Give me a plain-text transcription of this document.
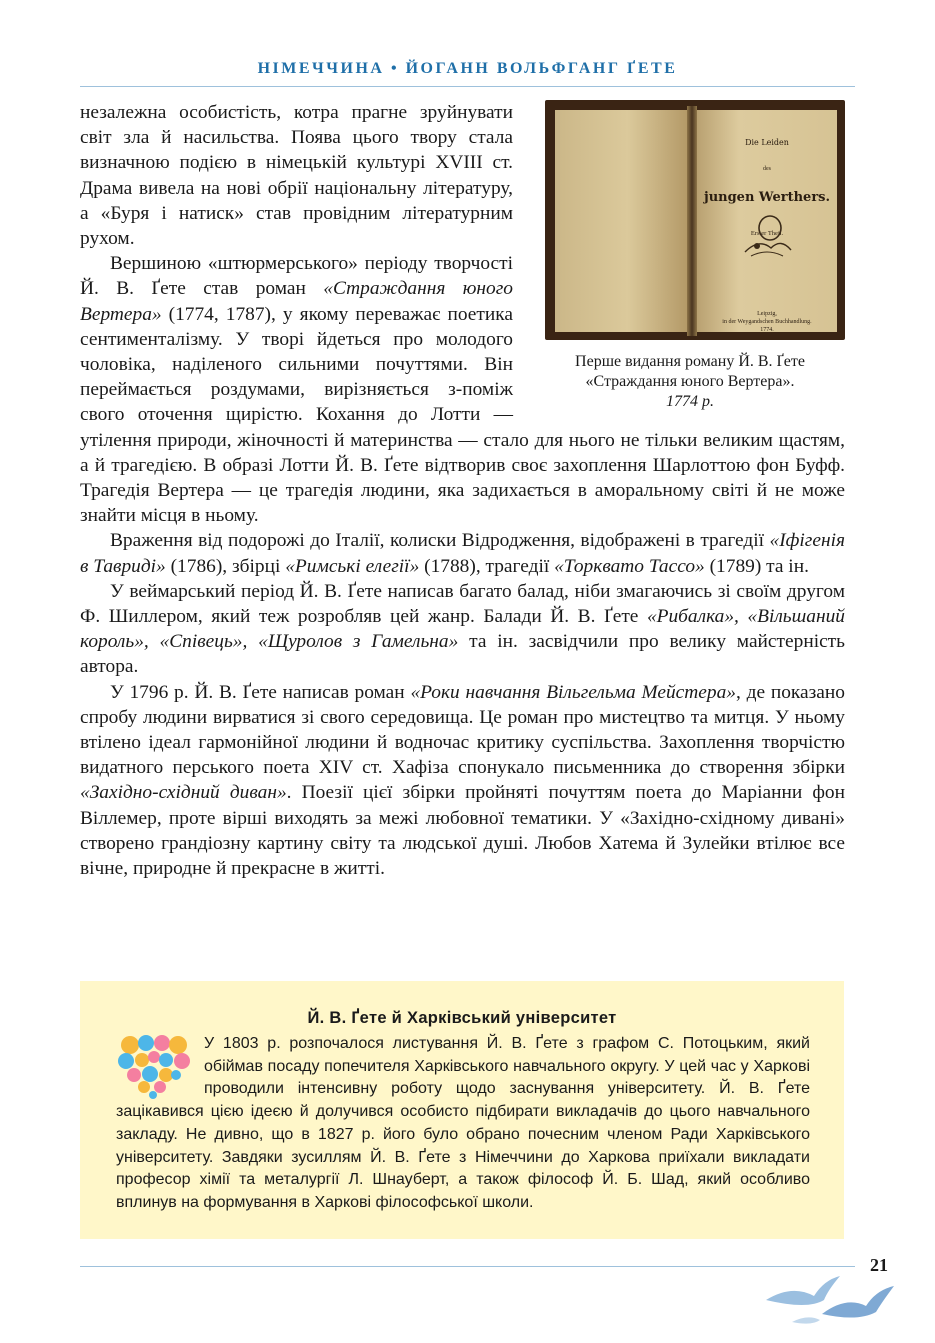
НІМЕЧЧИНА • ЙОГАНН ВОЛЬФГАНГ ҐЕТЕ
Die Leiden
des
jungen Werthers.
Erster Theil.
Leipzig,
in der Weygandschen Buchhandlung.
1774.
Перше видання роману Й. В. Ґете
«Страждання юного Вертера».
1774 р.

незалежна особистість, котра прагне зруйнувати світ зла й насильства. Поява цього твору стала визначною подією в німецькій культурі XVIII ст. Драма вивела на нові обрії національну літературу, а «Буря і натиск» став провідним літературним рухом.

Вершиною «штюрмерського» періоду творчості Й. В. Ґете став роман «Страждання юного Вертера» (1774, 1787), у якому переважає поетика сентименталізму. У творі йдеться про молодого чоловіка, наділеного сильними почуттями. Він переймається роздумами, вирізняється з-поміж свого оточення щирістю. Кохання до Лотти — утілення природи, жіночності й материнства — стало для нього не тільки великим щастям, а й трагедією. В образі Лотти Й. В. Ґете відтворив своє захоплення Шарлоттою фон Буфф. Трагедія Вертера — це трагедія людини, яка задихається в аморальному світі й не може знайти місця в ньому.

Враження від подорожі до Італії, колиски Відродження, відображені в трагедії «Іфігенія в Тавриді» (1786), збірці «Римські елегії» (1788), трагедії «Торквато Тассо» (1789) та ін.

У веймарський період Й. В. Ґете написав багато балад, ніби змагаючись зі своїм другом Ф. Шиллером, який теж розробляв цей жанр. Балади Й. В. Ґете «Рибалка», «Вільшаний король», «Співець», «Щуролов з Гамельна» та ін. засвідчили про велику майстерність автора.

У 1796 р. Й. В. Ґете написав роман «Роки навчання Вільгельма Мейстера», де показано спробу людини вирватися зі свого середовища. Це роман про мистецтво та митця. У ньому втілено ідеал гармонійної людини й водночас критику суспільства. Захоплення творчістю видатного перського поета XIV ст. Хафіза спонукало письменника до створення збірки «Західно-східний диван». Поезії цієї збірки пройняті почуттям поета до Маріанни фон Віллемер, проте вірші виходять за межі любовної тематики. У «Західно-східному дивані» створено грандіозну картину світу та людської душі. Любов Хатема й Зулейки втілює все вічне, природне й прекрасне в житті.

Й. В. Ґете й Харківський університет
У 1803 р. розпочалося листування Й. В. Ґете з графом С. Потоцьким, який обіймав посаду попечителя Харківського навчального округу. У цей час у Харкові проводили інтенсивну роботу щодо заснування університету. Й. В. Ґете зацікавився цією ідеєю й долучився особисто підбирати викладачів до цього навчального закладу. Не дивно, що в 1827 р. його було обрано почесним членом Ради Харківського університету. Завдяки зусиллям Й. В. Ґете з Німеччини до Харкова приїхали викладати професор хімії та металургії Л. Шнауберт, а також філософ Й. Б. Шад, який особливо вплинув на формування в Харкові філософської школи.
21
